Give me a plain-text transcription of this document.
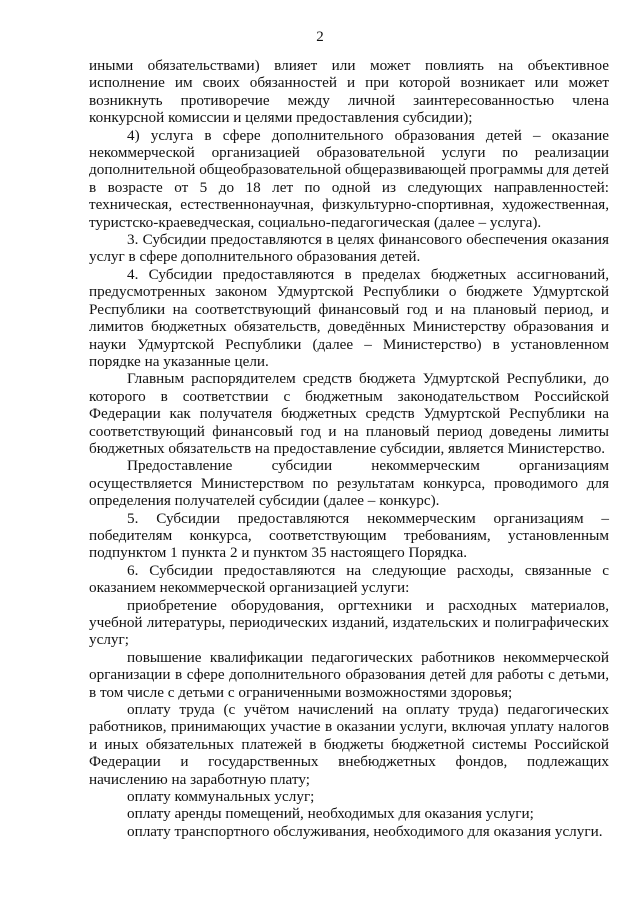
2

иными обязательствами) влияет или может повлиять на объективное исполнение им своих обязанностей и при которой возникает или может возникнуть противоречие между личной заинтересованностью члена конкурсной комиссии и целями предоставления субсидии);

4) услуга в сфере дополнительного образования детей – оказание некоммерческой организацией образовательной услуги по реализации дополнительной общеобразовательной общеразвивающей программы для детей в возрасте от 5 до 18 лет по одной из следующих направленностей: техническая, естественнонаучная, физкультурно-спортивная, художественная, туристско-краеведческая, социально-педагогическая (далее – услуга).

3. Субсидии предоставляются в целях финансового обеспечения оказания услуг в сфере дополнительного образования детей.

4. Субсидии предоставляются в пределах бюджетных ассигнований, предусмотренных законом Удмуртской Республики о бюджете Удмуртской Республики на соответствующий финансовый год и на плановый период, и лимитов бюджетных обязательств, доведённых Министерству образования и науки Удмуртской Республики (далее – Министерство) в установленном порядке на указанные цели.

Главным распорядителем средств бюджета Удмуртской Республики, до которого в соответствии с бюджетным законодательством Российской Федерации как получателя бюджетных средств Удмуртской Республики на соответствующий финансовый год и на плановый период доведены лимиты бюджетных обязательств на предоставление субсидии, является Министерство.

Предоставление субсидии некоммерческим организациям осуществляется Министерством по результатам конкурса, проводимого для определения получателей субсидии (далее – конкурс).

5. Субсидии предоставляются некоммерческим организациям – победителям конкурса, соответствующим требованиям, установленным подпунктом 1 пункта 2 и пунктом 35 настоящего Порядка.

6. Субсидии предоставляются на следующие расходы, связанные с оказанием некоммерческой организацией услуги:

приобретение оборудования, оргтехники и расходных материалов, учебной литературы, периодических изданий, издательских и полиграфических услуг;

повышение квалификации педагогических работников некоммерческой организации в сфере дополнительного образования детей для работы с детьми, в том числе с детьми с ограниченными возможностями здоровья;

оплату труда (с учётом начислений на оплату труда) педагогических работников, принимающих участие в оказании услуги, включая уплату налогов и иных обязательных платежей в бюджеты бюджетной системы Российской Федерации и государственных внебюджетных фондов, подлежащих начислению на заработную плату;

оплату коммунальных услуг;

оплату аренды помещений, необходимых для оказания услуги;

оплату транспортного обслуживания, необходимого для оказания услуги.
